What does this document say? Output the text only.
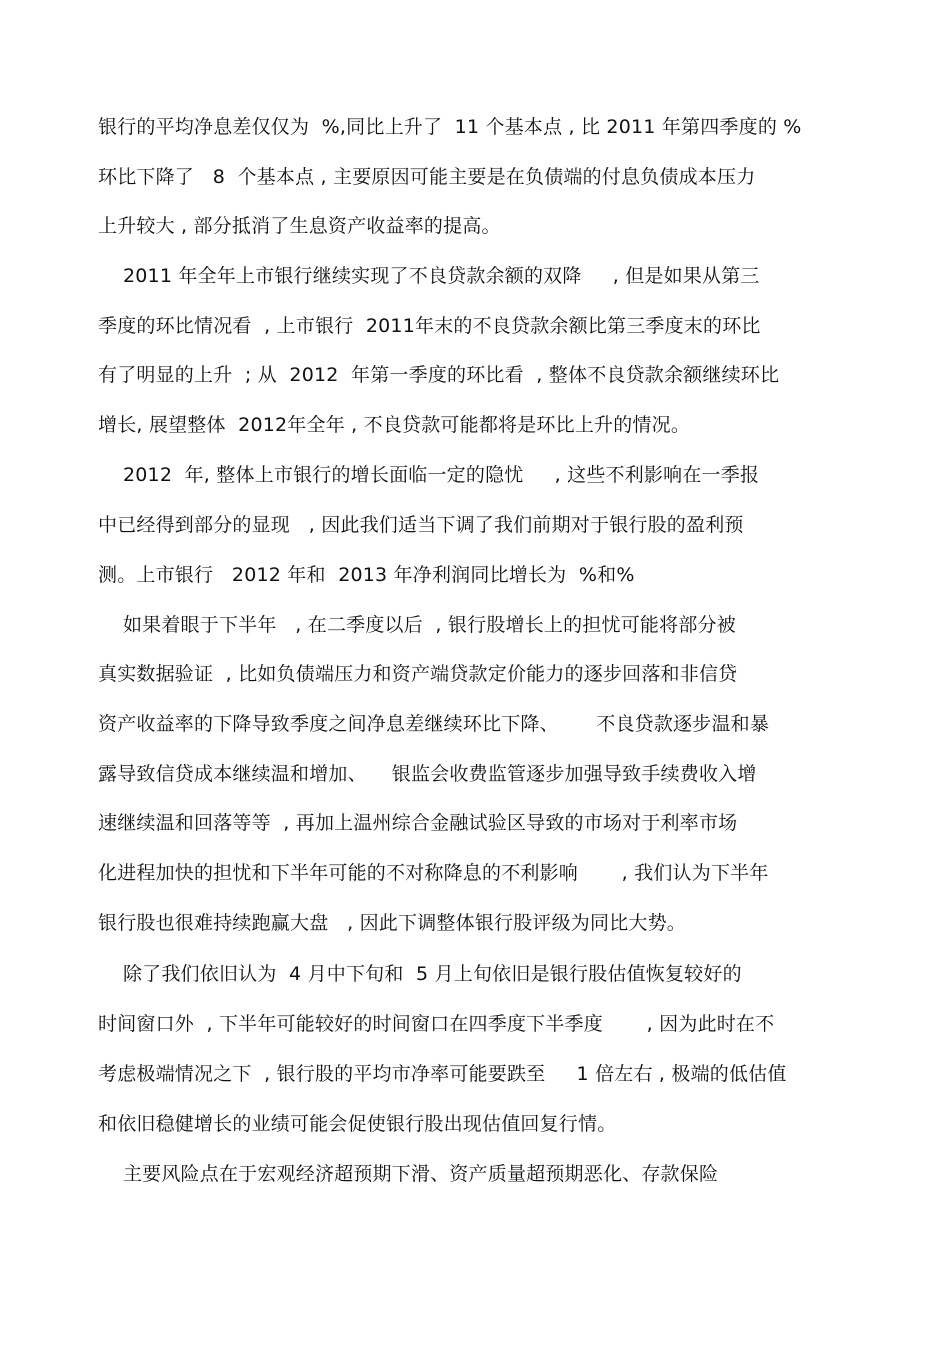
银行的平均净息差仅仅为  %,同比上升了  11 个基本点 , 比 2011 年第四季度的 %
环比下降了   8  个基本点 , 主要原因可能主要是在负债端的付息负债成本压力
上升较大 , 部分抵消了生息资产收益率的提高。
2011 年全年上市银行继续实现了不良贷款余额的双降     , 但是如果从第三
季度的环比情况看  , 上市银行  2011年末的不良贷款余额比第三季度末的环比
有了明显的上升  ; 从  2012  年第一季度的环比看  , 整体不良贷款余额继续环比
增长, 展望整体  2012年全年 , 不良贷款可能都将是环比上升的情况。
2012  年, 整体上市银行的增长面临一定的隐忧     , 这些不利影响在一季报
中已经得到部分的显现   , 因此我们适当下调了我们前期对于银行股的盈利预
测。上市银行   2012 年和  2013 年净利润同比增长为  %和%
如果着眼于下半年   , 在二季度以后  , 银行股增长上的担忧可能将部分被
真实数据验证  , 比如负债端压力和资产端贷款定价能力的逐步回落和非信贷
资产收益率的下降导致季度之间净息差继续环比下降、      不良贷款逐步温和暴
露导致信贷成本继续温和增加、    银监会收费监管逐步加强导致手续费收入增
速继续温和回落等等  , 再加上温州综合金融试验区导致的市场对于利率市场
化进程加快的担忧和下半年可能的不对称降息的不利影响       , 我们认为下半年
银行股也很难持续跑赢大盘   , 因此下调整体银行股评级为同比大势。
除了我们依旧认为  4 月中下旬和  5 月上旬依旧是银行股估值恢复较好的
时间窗口外  , 下半年可能较好的时间窗口在四季度下半季度       , 因为此时在不
考虑极端情况之下  , 银行股的平均市净率可能要跌至     1 倍左右 , 极端的低估值
和依旧稳健增长的业绩可能会促使银行股出现估值回复行情。
主要风险点在于宏观经济超预期下滑、资产质量超预期恶化、存款保险
